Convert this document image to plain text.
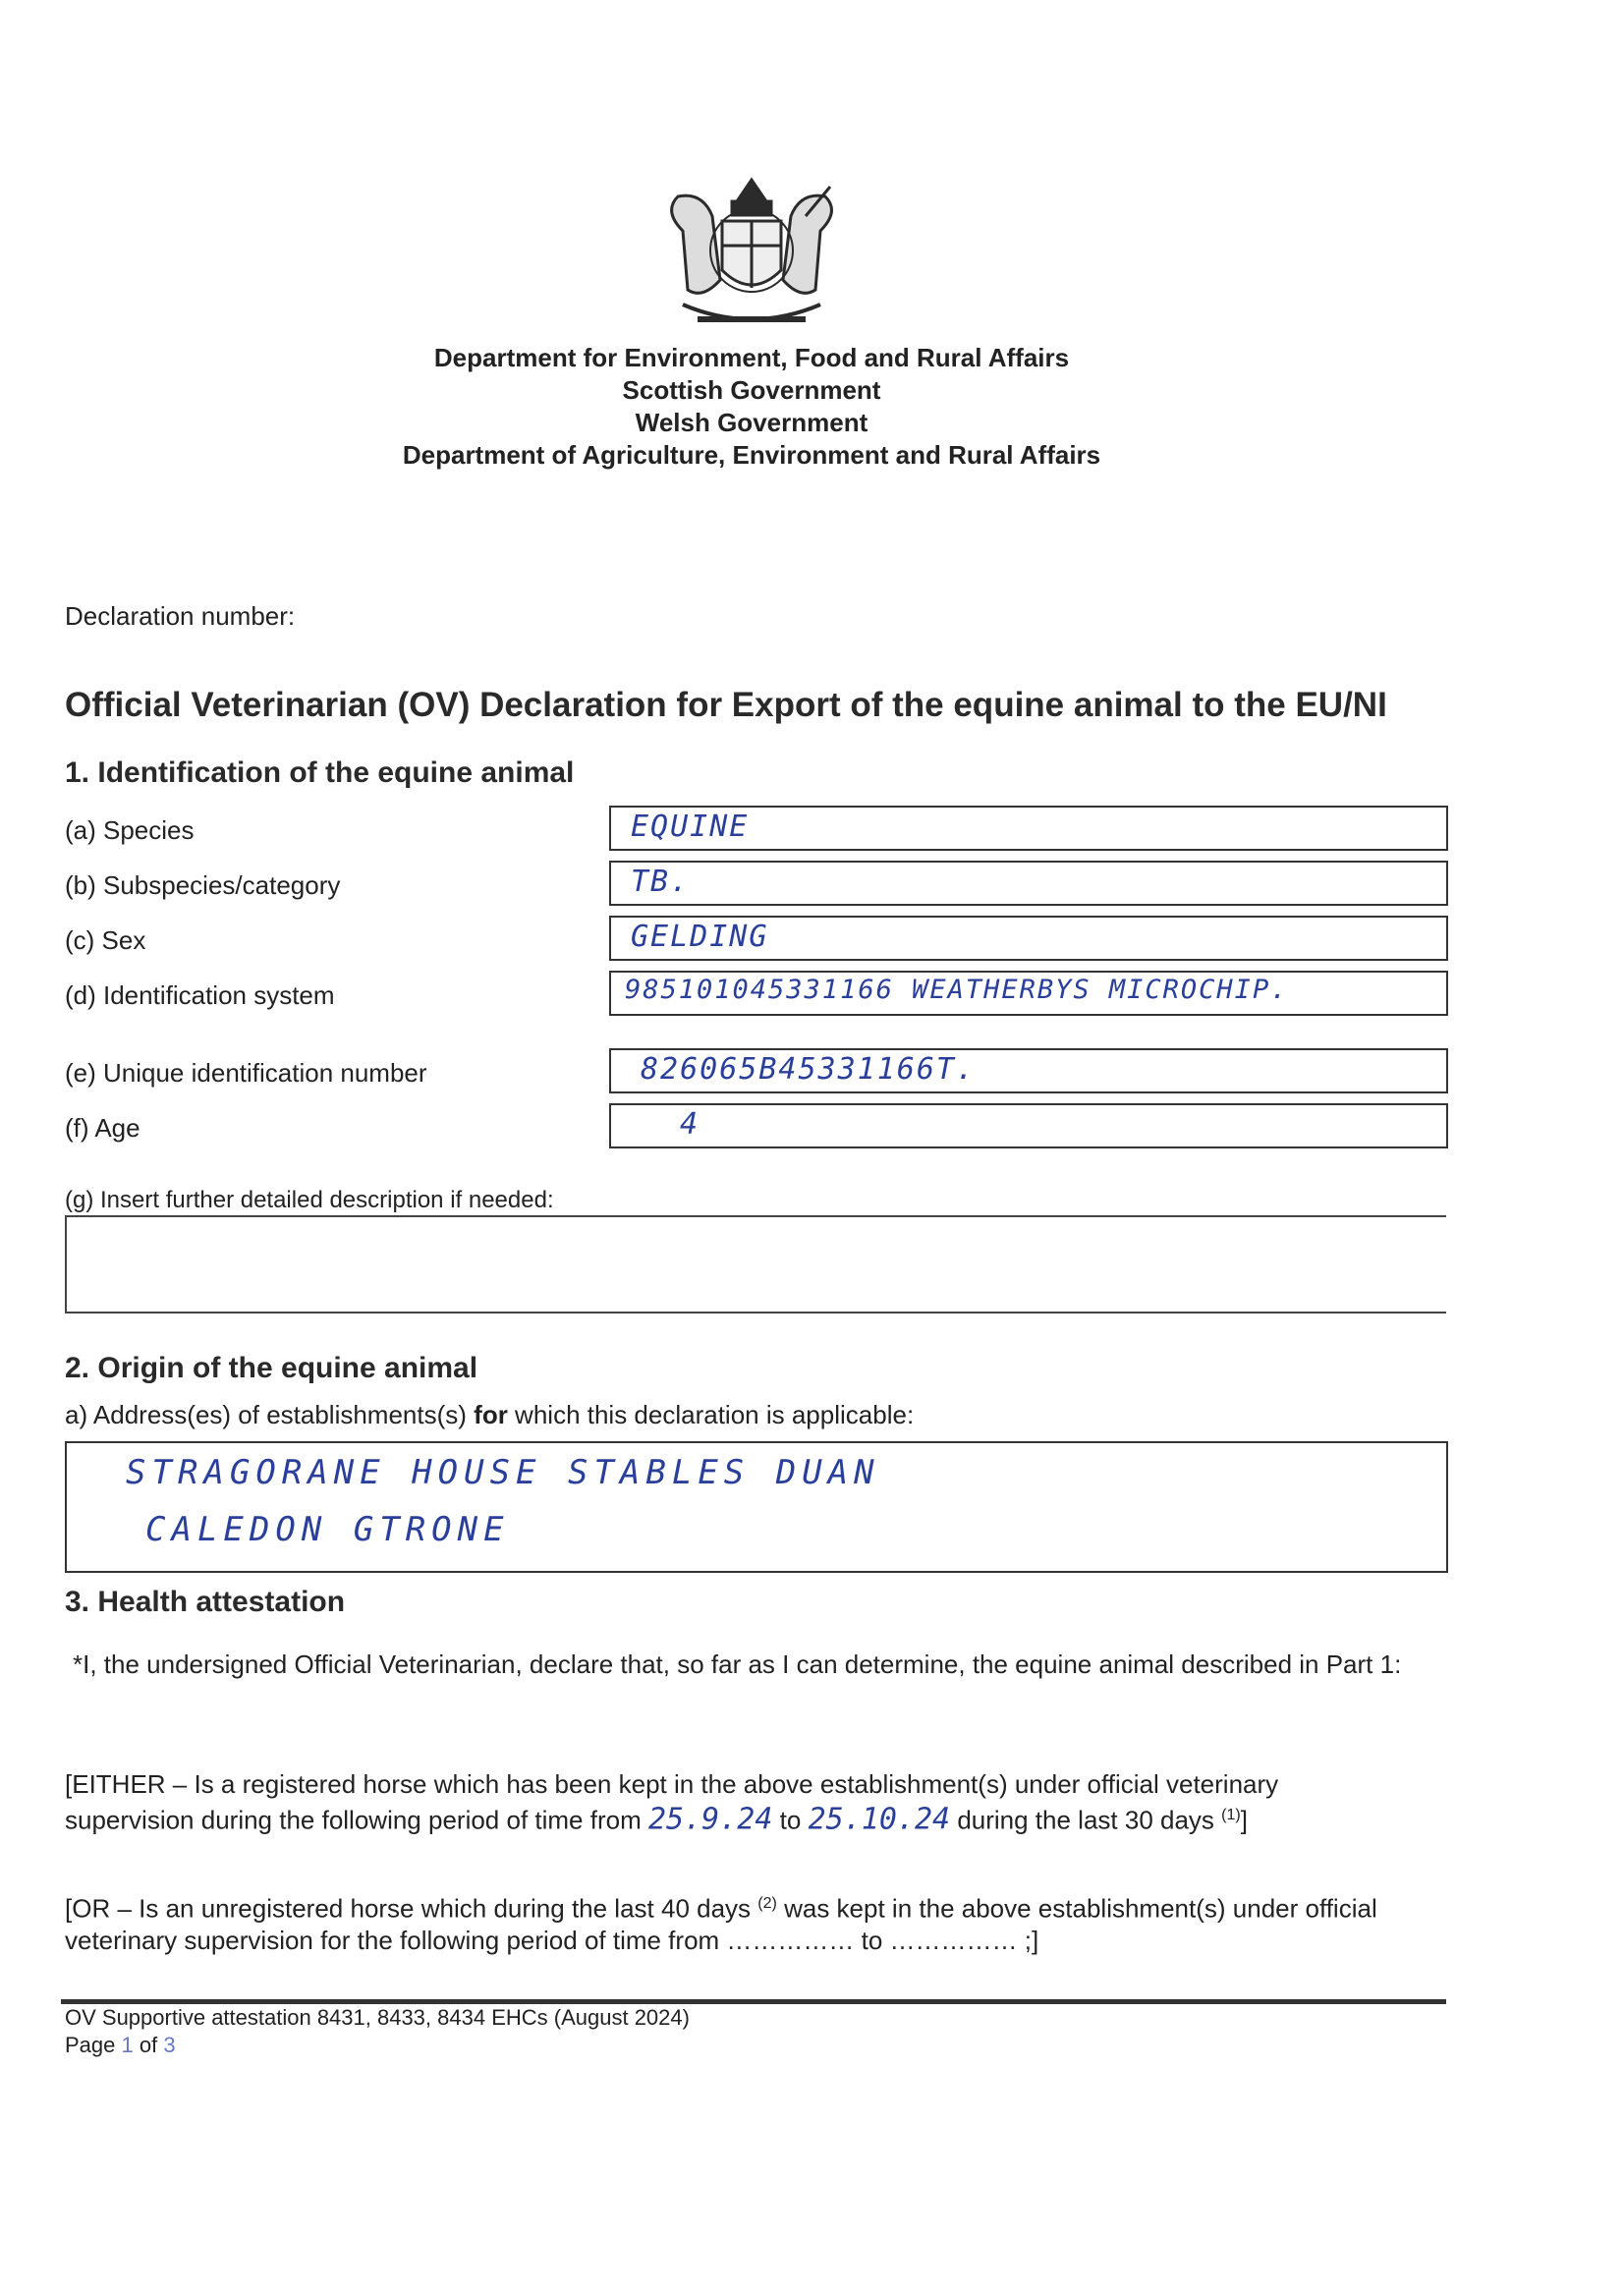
Department for Environment, Food and Rural Affairs
Scottish Government
Welsh Government
Department of Agriculture, Environment and Rural Affairs
Declaration number:
Official Veterinarian (OV) Declaration for Export of the equine animal to the EU/NI
1. Identification of the equine animal
(a) Species	EQUINE
(b) Subspecies/category	TB.
(c) Sex	GELDING
(d) Identification system	985101045331166 WEATHERBYS MICROCHIP.
(e) Unique identification number	826065B45331166T.
(f) Age	4
(g) Insert further detailed description if needed:
2. Origin of the equine animal
a) Address(es) of establishments(s) for which this declaration is applicable:
STRAGORANE HOUSE STABLES DUAN
CALEDON GTRONE
3. Health attestation
*I, the undersigned Official Veterinarian, declare that, so far as I can determine, the equine animal described in Part 1:
[EITHER – Is a registered horse which has been kept in the above establishment(s) under official veterinary
supervision during the following period of time from 25.9.24 to 25.10.24 during the last 30 days $^{(1)}$]
[OR – Is an unregistered horse which during the last 40 days $^{(2)}$ was kept in the above establishment(s) under official
veterinary supervision for the following period of time from …………… to …………… ;]
OV Supportive attestation 8431, 8433, 8434 EHCs (August 2024)
Page 1 of 3
